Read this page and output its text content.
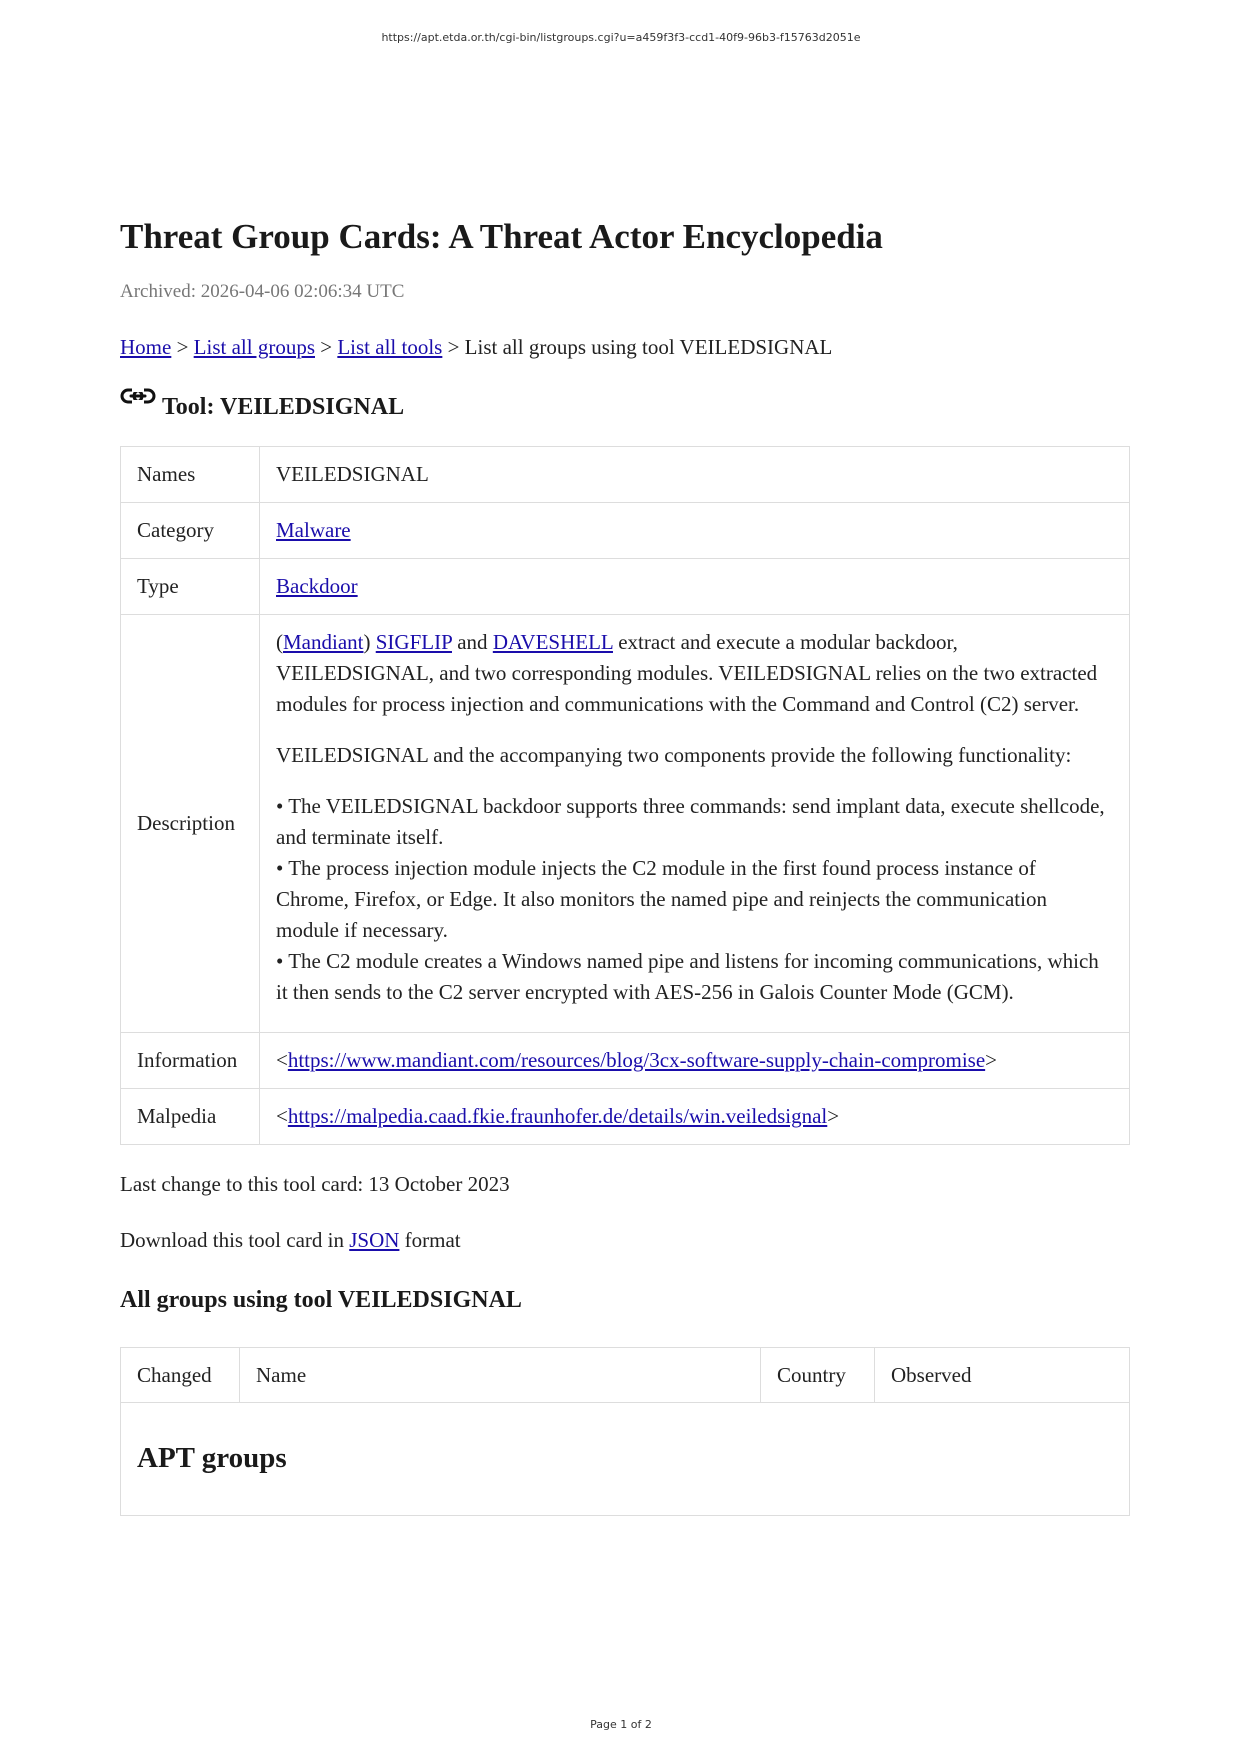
https://apt.etda.or.th/cgi-bin/listgroups.cgi?u=a459f3f3-ccd1-40f9-96b3-f15763d2051e
Threat Group Cards: A Threat Actor Encyclopedia
Archived: 2026-04-06 02:06:34 UTC
Home > List all groups > List all tools > List all groups using tool VEILEDSIGNAL
Tool: VEILEDSIGNAL
Names	VEILEDSIGNAL
Category	Malware
Type	Backdoor
Description	(Mandiant) SIGFLIP and DAVESHELL extract and execute a modular backdoor, VEILEDSIGNAL, and two corresponding modules. VEILEDSIGNAL relies on the two extracted modules for process injection and communications with the Command and Control (C2) server.

VEILEDSIGNAL and the accompanying two components provide the following functionality:

• The VEILEDSIGNAL backdoor supports three commands: send implant data, execute shellcode, and terminate itself.
• The process injection module injects the C2 module in the first found process instance of Chrome, Firefox, or Edge. It also monitors the named pipe and reinjects the communication module if necessary.
• The C2 module creates a Windows named pipe and listens for incoming communications, which it then sends to the C2 server encrypted with AES-256 in Galois Counter Mode (GCM).

Information	<https://www.mandiant.com/resources/blog/3cx-software-supply-chain-compromise>
Malpedia	<https://malpedia.caad.fkie.fraunhofer.de/details/win.veiledsignal>
Last change to this tool card: 13 October 2023
Download this tool card in JSON format
All groups using tool VEILEDSIGNAL
Changed	Name	Country	Observed
APT groups
Page 1 of 2
